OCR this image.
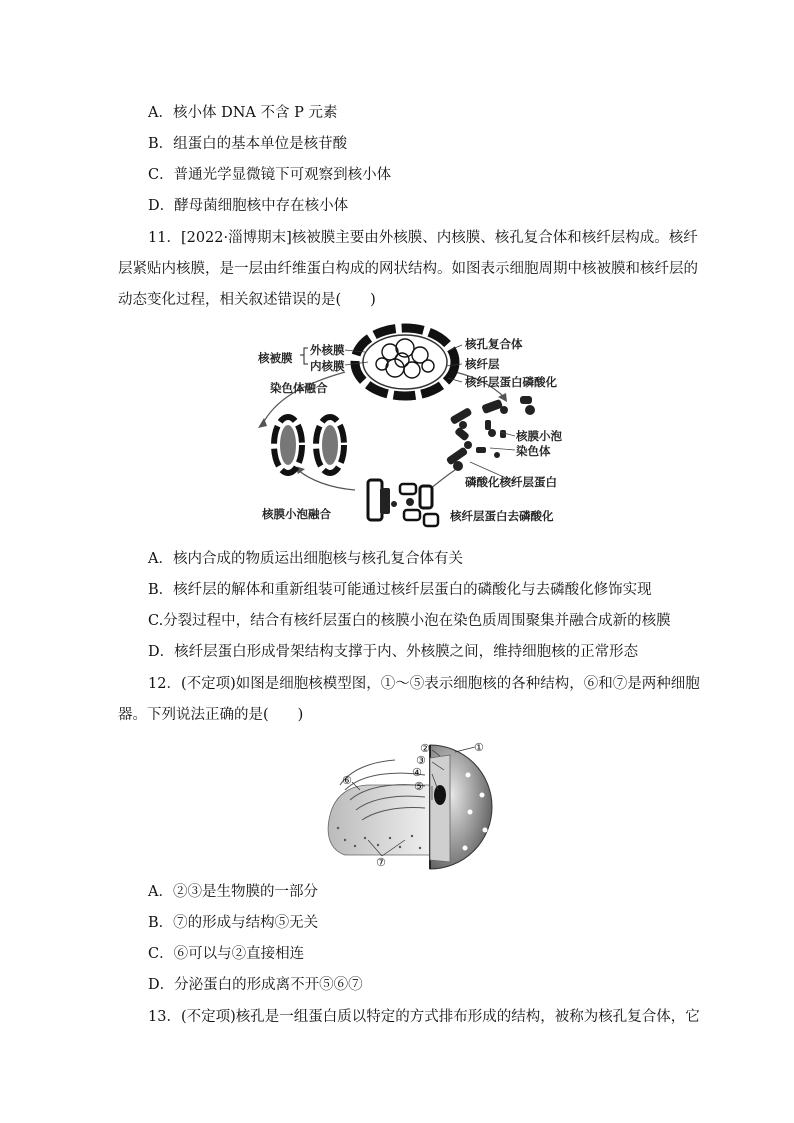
A．核小体 DNA 不含 P 元素
B．组蛋白的基本单位是核苷酸
C．普通光学显微镜下可观察到核小体
D．酵母菌细胞核中存在核小体
11．[2022·淄博期末]核被膜主要由外核膜、内核膜、核孔复合体和核纤层构成。核纤
层紧贴内核膜，是一层由纤维蛋白构成的网状结构。如图表示细胞周期中核被膜和核纤层的
动态变化过程，相关叙述错误的是(　　)
核被膜
外核膜
内核膜
核孔复合体
核纤层
核纤层蛋白磷酸化
核膜小泡
染色体
磷酸化核纤层蛋白
核纤层蛋白去磷酸化
核膜小泡融合
染色体融合
①
②
③
④
⑤
⑥
⑦
A．核内合成的物质运出细胞核与核孔复合体有关
B．核纤层的解体和重新组装可能通过核纤层蛋白的磷酸化与去磷酸化修饰实现
C.分裂过程中，结合有核纤层蛋白的核膜小泡在染色质周围聚集并融合成新的核膜
D．核纤层蛋白形成骨架结构支撑于内、外核膜之间，维持细胞核的正常形态
12．(不定项)如图是细胞核模型图，①～⑤表示细胞核的各种结构，⑥和⑦是两种细胞
器。下列说法正确的是(　　)
A．②③是生物膜的一部分
B．⑦的形成与结构⑤无关
C．⑥可以与②直接相连
D．分泌蛋白的形成离不开⑤⑥⑦
13．(不定项)核孔是一组蛋白质以特定的方式排布形成的结构，被称为核孔复合体，它
